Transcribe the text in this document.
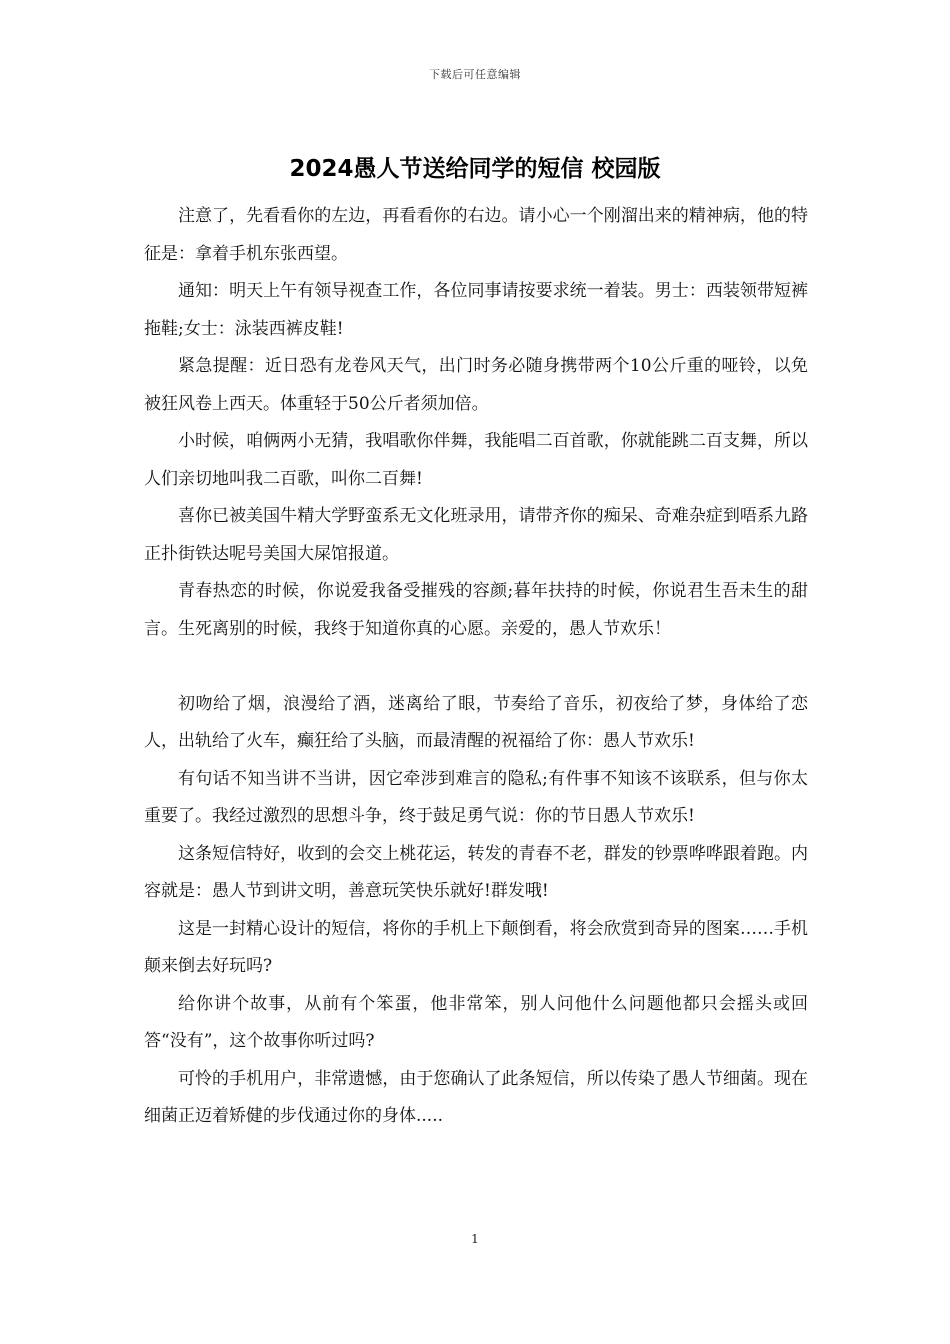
下载后可任意编辑
2024愚人节送给同学的短信 校园版

注意了，先看看你的左边，再看看你的右边。请小心一个刚溜出来的精神病，他的特征是：拿着手机东张西望。

通知：明天上午有领导视查工作，各位同事请按要求统一着装。男士：西装领带短裤拖鞋;女士：泳装西裤皮鞋!

紧急提醒：近日恐有龙卷风天气，出门时务必随身携带两个10公斤重的哑铃，以免被狂风卷上西天。体重轻于50公斤者须加倍。

小时候，咱俩两小无猜，我唱歌你伴舞，我能唱二百首歌，你就能跳二百支舞，所以人们亲切地叫我二百歌，叫你二百舞!

喜你已被美国牛精大学野蛮系无文化班录用，请带齐你的痴呆、奇难杂症到唔系九路正扑街铁达呢号美国大屎馆报道。

青春热恋的时候，你说爱我备受摧残的容颜;暮年扶持的时候，你说君生吾未生的甜言。生死离别的时候，我终于知道你真的心愿。亲爱的，愚人节欢乐！

初吻给了烟，浪漫给了酒，迷离给了眼，节奏给了音乐，初夜给了梦，身体给了恋人，出轨给了火车，癫狂给了头脑，而最清醒的祝福给了你：愚人节欢乐!

有句话不知当讲不当讲，因它牵涉到难言的隐私;有件事不知该不该联系，但与你太重要了。我经过激烈的思想斗争，终于鼓足勇气说：你的节日愚人节欢乐!

这条短信特好，收到的会交上桃花运，转发的青春不老，群发的钞票哗哗跟着跑。内容就是：愚人节到讲文明，善意玩笑快乐就好!群发哦!

这是一封精心设计的短信，将你的手机上下颠倒看，将会欣赏到奇异的图案……手机颠来倒去好玩吗?

给你讲个故事，从前有个笨蛋，他非常笨，别人问他什么问题他都只会摇头或回答“没有”，这个故事你听过吗?

可怜的手机用户，非常遗憾，由于您确认了此条短信，所以传染了愚人节细菌。现在细菌正迈着矫健的步伐通过你的身体.....

1
